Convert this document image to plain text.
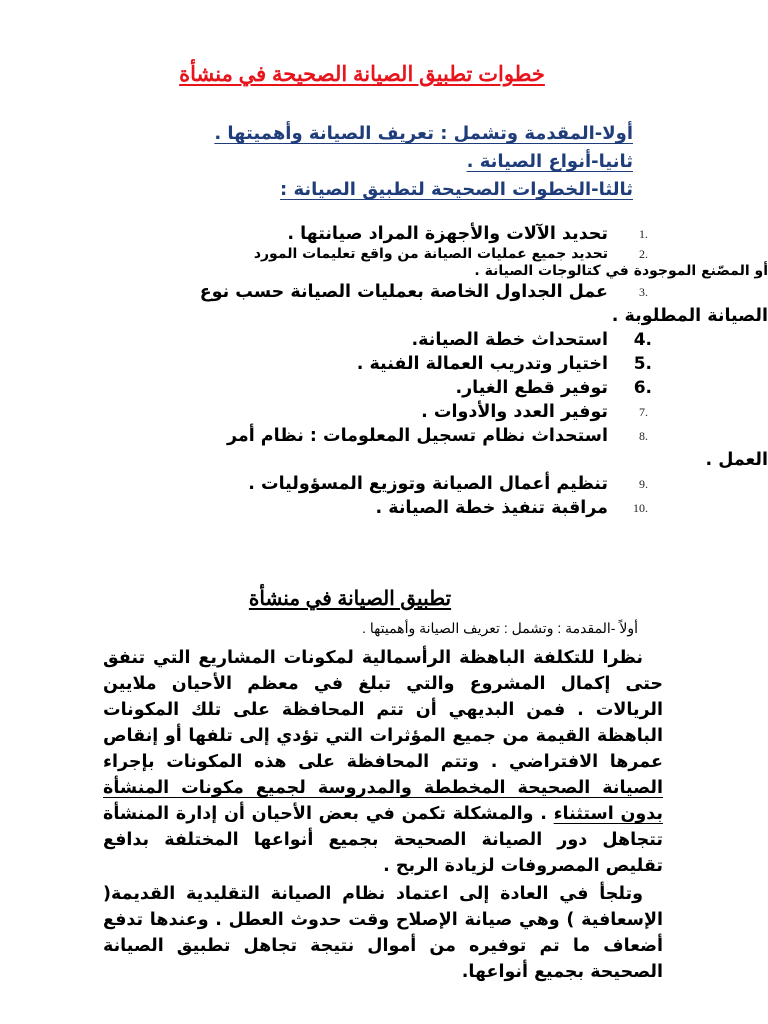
خطوات تطبيق الصيانة الصحيحة في منشأة
أولا-المقدمة وتشمل : تعريف الصيانة وأهميتها .
ثانيا-أنواع الصيانة .
ثالثا-الخطوات الصحيحة لتطبيق الصيانة :
1.
تحديد الآلات والأجهزة المراد صيانتها .
2.
تحديد جميع عمليات الصيانة من واقع تعليمات المورد
أو المصّنع الموجودة في كتالوجات الصيانة .
3.
عمل الجداول الخاصة بعمليات الصيانة حسب نوع
الصيانة المطلوبة .
4.
استحداث خطة الصيانة.
5.
اختيار وتدريب العمالة الفنية .
6.
توفير قطع الغيار.
7.
توفير العدد والأدوات .
8.
استحداث نظام تسجيل المعلومات : نظام أمر
العمل .
9.
تنظيم أعمال الصيانة وتوزيع المسؤوليات .
10.
مراقبة تنفيذ خطة الصيانة .
تطبيق الصيانة في منشأة

أولاً -المقدمة : وتشمل : تعريف الصيانة وأهميتها .

نظرا للتكلفة الباهظة الرأسمالية لمكونات المشاريع التي تنفق حتى إكمال المشروع والتي تبلغ في معظم الأحيان ملايين الريالات . فمن البديهي أن تتم المحافظة على تلك المكونات الباهظة القيمة من جميع المؤثرات التي تؤدي إلى تلفها أو إنقاص عمرها الافتراضي . وتتم المحافظة على هذه المكونات بإجراء الصيانة الصحيحة المخططة والمدروسة لجميع مكونات المنشأة بدون استثناء . والمشكلة تكمن في بعض الأحيان أن إدارة المنشأة تتجاهل دور الصيانة الصحيحة بجميع أنواعها المختلفة بدافع تقليص المصروفات لزيادة الربح .

وتلجأ في العادة إلى اعتماد نظام الصيانة التقليدية القديمة( الإسعافية ) وهي صيانة الإصلاح وقت حدوث العطل . وعندها تدفع أضعاف ما تم توفيره من أموال نتيجة تجاهل تطبيق الصيانة الصحيحة بجميع أنواعها.
